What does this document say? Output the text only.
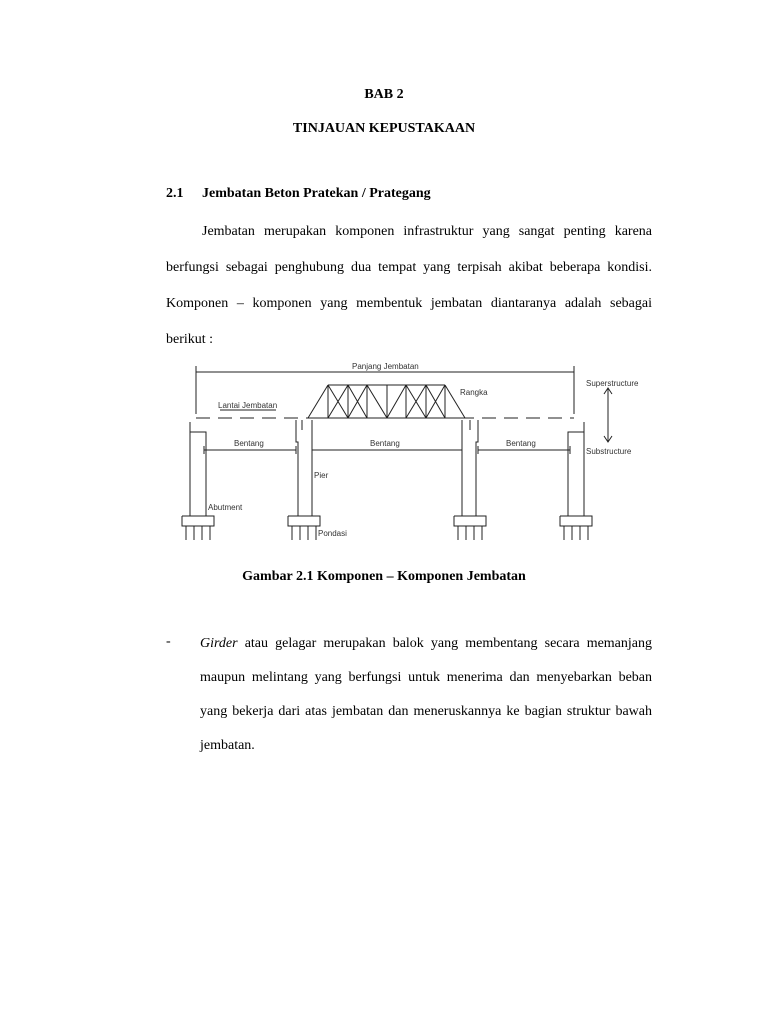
BAB 2
TINJAUAN KEPUSTAKAAN
2.1 Jembatan Beton Pratekan / Prategang
Jembatan merupakan komponen infrastruktur yang sangat penting karena
berfungsi sebagai penghubung dua tempat yang terpisah akibat beberapa kondisi.
Komponen – komponen yang membentuk jembatan diantaranya adalah sebagai
berikut :
Panjang Jembatan
Rangka
Lantai Jembatan
Superstructure
Substructure
Bentang	Bentang	Bentang
Pier
Abutment
Pondasi
Gambar 2.1 Komponen – Komponen Jembatan
- Girder atau gelagar merupakan balok yang membentang secara memanjang
maupun melintang yang berfungsi untuk menerima dan menyebarkan beban
yang bekerja dari atas jembatan dan meneruskannya ke bagian struktur bawah
jembatan.
